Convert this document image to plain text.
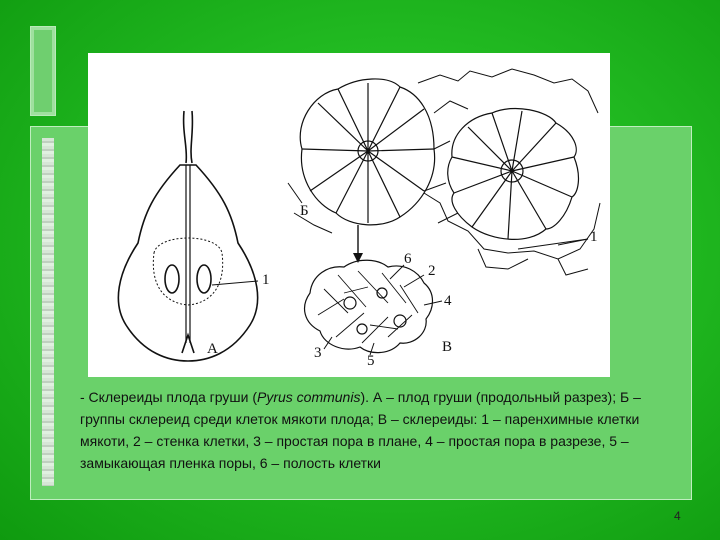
А
Б
В
1
1
2
3
4
5
6

- Склереиды плода груши (Pyrus communis). А – плод груши (продольный разрез); Б – группы склереид среди клеток мякоти плода; В – склереиды: 1 – паренхимные клетки мякоти, 2 – стенка клетки, 3 – простая пора в плане, 4 – простая пора в разрезе, 5 – замыкающая пленка поры, 6 – полость клетки

4
